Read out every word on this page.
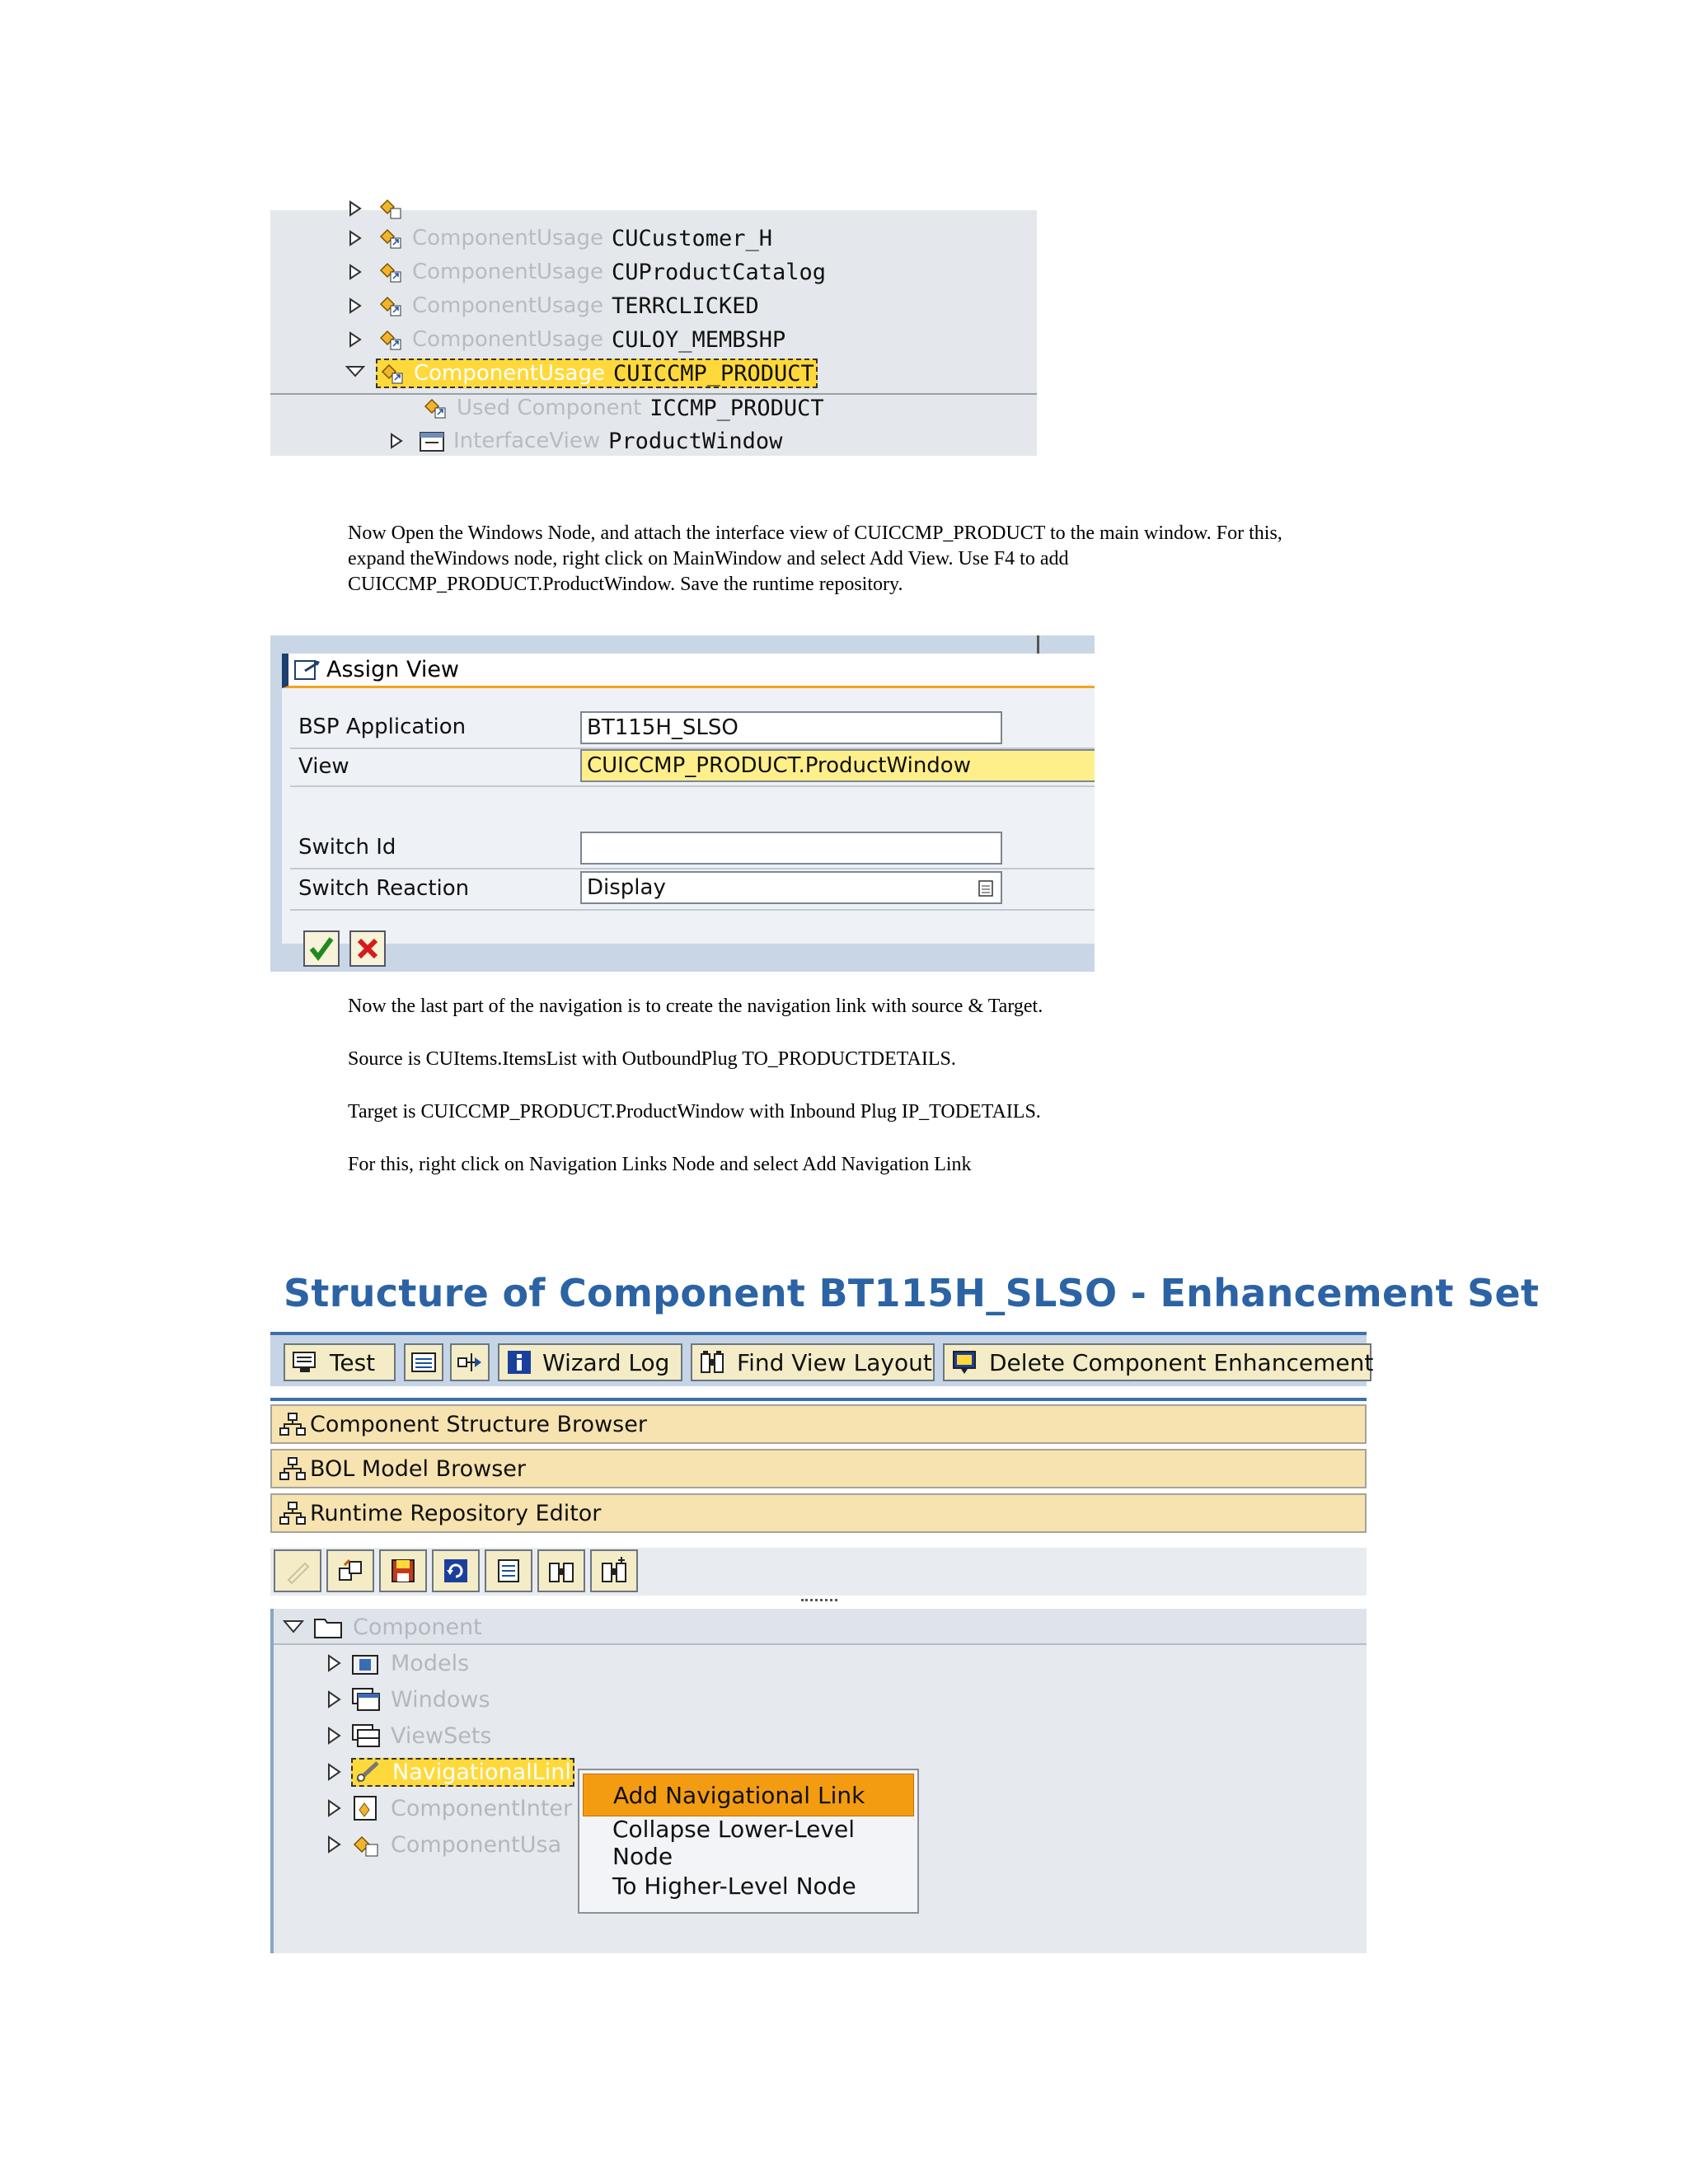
ComponentUsage CUCustomer_H
ComponentUsage CUProductCatalog
ComponentUsage TERRCLICKED
ComponentUsage CULOY_MEMBSHP
ComponentUsage CUICCMP_PRODUCT
Used Component ICCMP_PRODUCT
InterfaceView ProductWindow
Now Open the Windows Node, and attach the interface view of CUICCMP_PRODUCT to the main window. For this,
expand theWindows node, right click on MainWindow and select Add View. Use F4 to add
CUICCMP_PRODUCT.ProductWindow. Save the runtime repository.
Assign View
BSP Application	BT115H_SLSO
View	CUICCMP_PRODUCT.ProductWindow
Switch Id
Switch Reaction	Display
Now the last part of the navigation is to create the navigation link with source & Target.
Source is CUItems.ItemsList with OutboundPlug TO_PRODUCTDETAILS.
Target is CUICCMP_PRODUCT.ProductWindow with Inbound Plug IP_TODETAILS.
For this, right click on Navigation Links Node and select Add Navigation Link
Structure of Component BT115H_SLSO - Enhancement Set
Test	Wizard Log	Find View Layout Delete Component Enhancement
Component Structure Browser
BOL Model Browser
Runtime Repository Editor
Component
Models
Windows
ViewSets
NavigationalLinl
ComponentInter
ComponentUsa
Add Navigational Link
Collapse Lower-Level Node
To Higher-Level Node
